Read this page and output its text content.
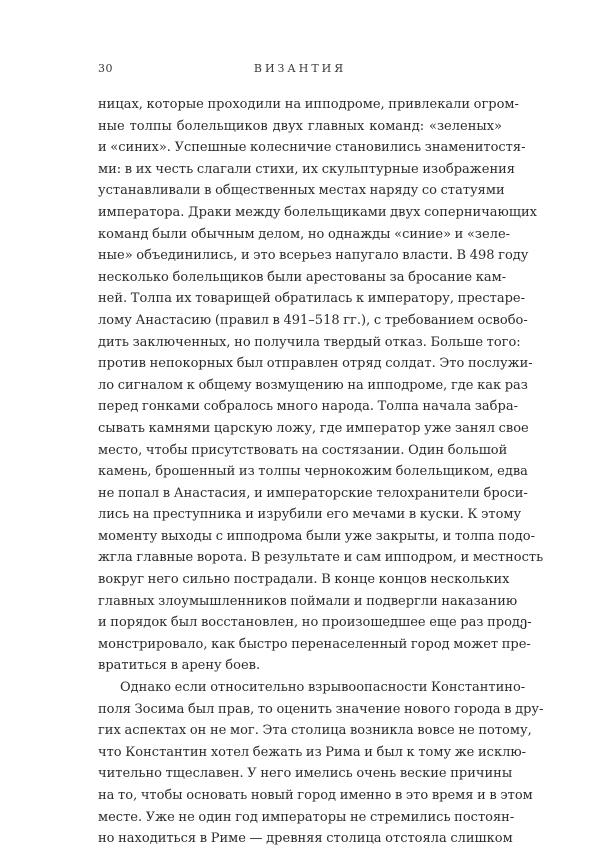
30	ВИЗАНТИЯ
ницах, которые проходили на ипподроме, привлекали огром-
ные толпы болельщиков двух главных команд: «зеленых»
и «синих». Успешные колесничие становились знаменитостя-
ми: в их честь слагали стихи, их скульптурные изображения
устанавливали в общественных местах наряду со статуями
императора. Драки между болельщиками двух соперничающих
команд были обычным делом, но однажды «синие» и «зеле-
ные» объединились, и это всерьез напугало власти. В 498 году
несколько болельщиков были арестованы за бросание кам-
ней. Толпа их товарищей обратилась к императору, престаре-
лому Анастасию (правил в 491–518 гг.), с требованием освобо-
дить заключенных, но получила твердый отказ. Больше того:
против непокорных был отправлен отряд солдат. Это послужи-
ло сигналом к общему возмущению на ипподроме, где как раз
перед гонками собралось много народа. Толпа начала забра-
сывать камнями царскую ложу, где император уже занял свое
место, чтобы присутствовать на состязании. Один большой
камень, брошенный из толпы чернокожим болельщиком, едва
не попал в Анастасия, и императорские телохранители броси-
лись на преступника и изрубили его мечами в куски. К этому
моменту выходы с ипподрома были уже закрыты, и толпа подо-
жгла главные ворота. В результате и сам ипподром, и местность
вокруг него сильно пострадали. В конце концов нескольких
главных злоумышленников поймали и подвергли наказанию
и порядок был восстановлен, но произошедшее еще раз продე-
монстрировало, как быстро перенаселенный город может пре-
вратиться в арену боев.
Однако если относительно взрывоопасности Константино-
поля Зосима был прав, то оценить значение нового города в дру-
гих аспектах он не мог. Эта столица возникла вовсе не потому,
что Константин хотел бежать из Рима и был к тому же исклю-
чительно тщеславен. У него имелись очень веские причины
на то, чтобы основать новый город именно в это время и в этом
месте. Уже не один год императоры не стремились постоян-
но находиться в Риме — древняя столица отстояла слишком
